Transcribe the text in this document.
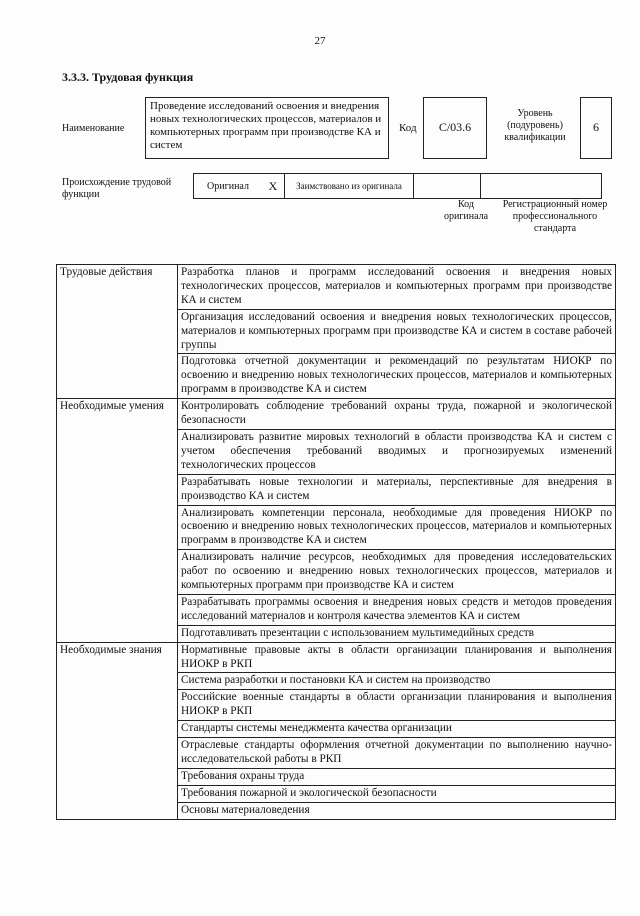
27
3.3.3. Трудовая функция
Наименование
Проведение исследований освоения и внедрения новых технологических процессов, материалов и компьютерных программ при производстве КА и систем
Код	C/03.6
Уровень (подуровень) квалификации
6
Происхождение трудовой функции
Оригинал	X	Заимствовано из оригинала		
Код оригинала
Регистрационный номер профессионального стандарта
Трудовые действия	Разработка планов и программ исследований освоения и внедрения новых технологических процессов, материалов и компьютерных программ при производстве КА и систем
	Организация исследований освоения и внедрения новых технологических процессов, материалов и компьютерных программ при производстве КА и систем в составе рабочей группы
	Подготовка отчетной документации и рекомендаций по результатам НИОКР по освоению и внедрению новых технологических процессов, материалов и компьютерных программ в производстве КА и систем
Необходимые умения	Контролировать соблюдение требований охраны труда, пожарной и экологической безопасности
	Анализировать развитие мировых технологий в области производства КА и систем с учетом обеспечения требований вводимых и прогнозируемых изменений технологических процессов
	Разрабатывать новые технологии и материалы, перспективные для внедрения в производство КА и систем
	Анализировать компетенции персонала, необходимые для проведения НИОКР по освоению и внедрению новых технологических процессов, материалов и компьютерных программ в производстве КА и систем
	Анализировать наличие ресурсов, необходимых для проведения исследовательских работ по освоению и внедрению новых технологических процессов, материалов и компьютерных программ при производстве КА и систем
	Разрабатывать программы освоения и внедрения новых средств и методов проведения исследований материалов и контроля качества элементов КА и систем
	Подготавливать презентации с использованием мультимедийных средств
Необходимые знания	Нормативные правовые акты в области организации планирования и выполнения НИОКР в РКП
	Система разработки и постановки КА и систем на производство
	Российские военные стандарты в области организации планирования и выполнения НИОКР в РКП
	Стандарты системы менеджмента качества организации
	Отраслевые стандарты оформления отчетной документации по выполнению научно-исследовательской работы в РКП
	Требования охраны труда
	Требования пожарной и экологической безопасности
	Основы материаловедения
